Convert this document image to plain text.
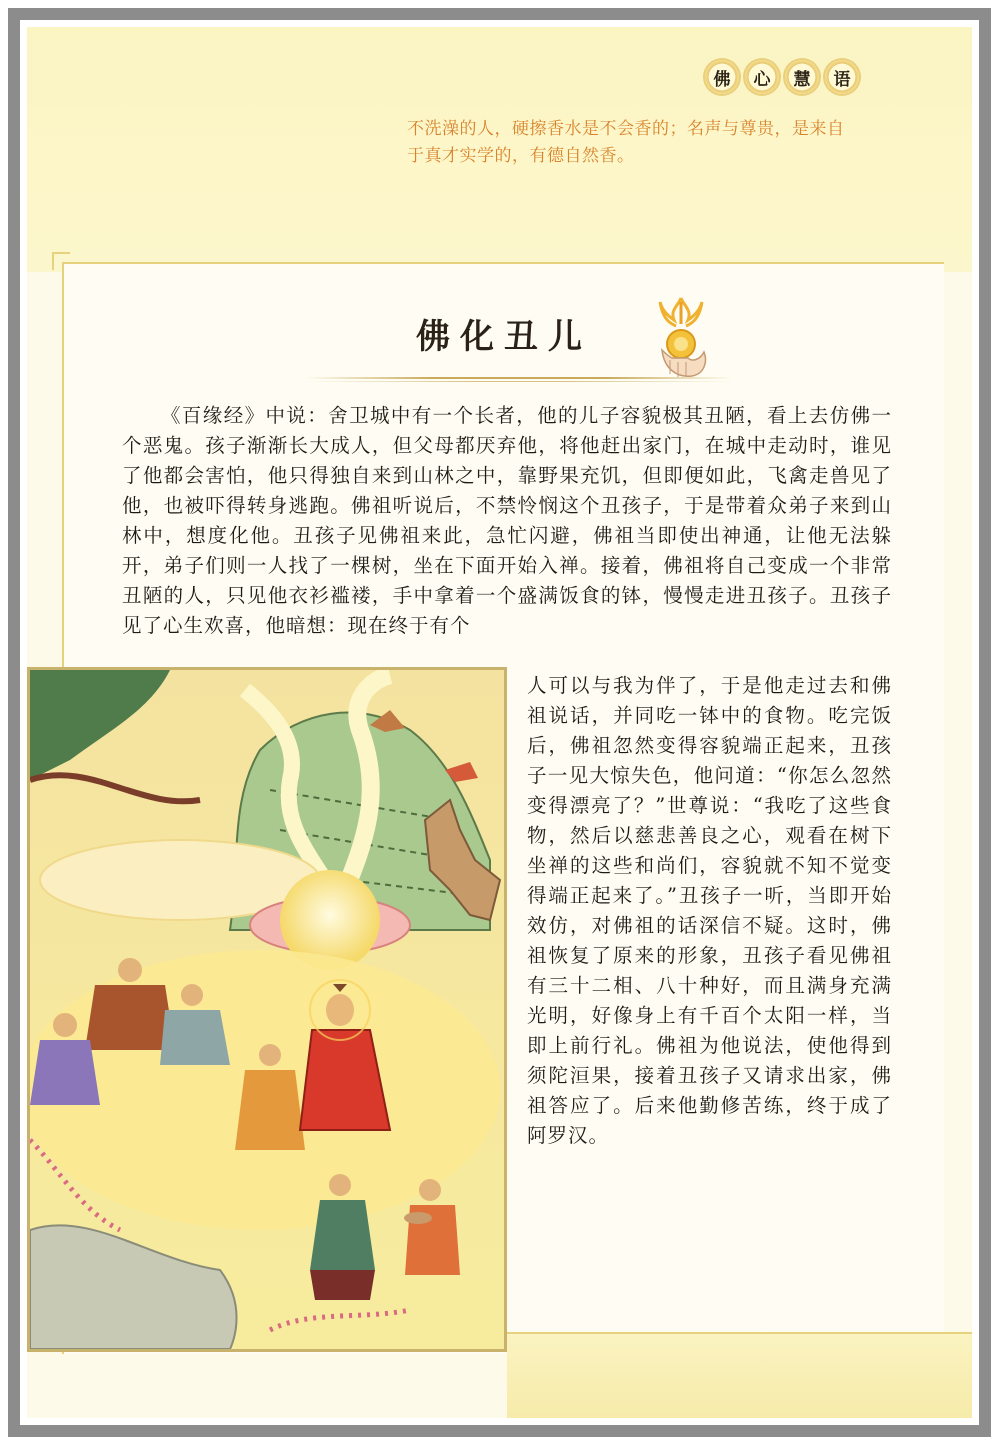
佛	心	慧	语
不洗澡的人，硬擦香水是不会香的；名声与尊贵，是来自于真才实学的，有德自然香。
佛化丑儿

《百缘经》中说：舍卫城中有一个长者，他的儿子容貌极其丑陋，看上去仿佛一个恶鬼。孩子渐渐长大成人，但父母都厌弃他，将他赶出家门，在城中走动时，谁见了他都会害怕，他只得独自来到山林之中，靠野果充饥，但即便如此，飞禽走兽见了他，也被吓得转身逃跑。佛祖听说后，不禁怜悯这个丑孩子，于是带着众弟子来到山林中，想度化他。丑孩子见佛祖来此，急忙闪避，佛祖当即使出神通，让他无法躲开，弟子们则一人找了一棵树，坐在下面开始入禅。接着，佛祖将自己变成一个非常丑陋的人，只见他衣衫褴褛，手中拿着一个盛满饭食的钵，慢慢走进丑孩子。丑孩子见了心生欢喜，他暗想：现在终于有个

人可以与我为伴了，于是他走过去和佛祖说话，并同吃一钵中的食物。吃完饭后，佛祖忽然变得容貌端正起来，丑孩子一见大惊失色，他问道：“你怎么忽然变得漂亮了？”世尊说：“我吃了这些食物，然后以慈悲善良之心，观看在树下坐禅的这些和尚们，容貌就不知不觉变得端正起来了。”丑孩子一听，当即开始效仿，对佛祖的话深信不疑。这时，佛祖恢复了原来的形象，丑孩子看见佛祖有三十二相、八十种好，而且满身充满光明，好像身上有千百个太阳一样，当即上前行礼。佛祖为他说法，使他得到须陀洹果，接着丑孩子又请求出家，佛祖答应了。后来他勤修苦练，终于成了阿罗汉。
